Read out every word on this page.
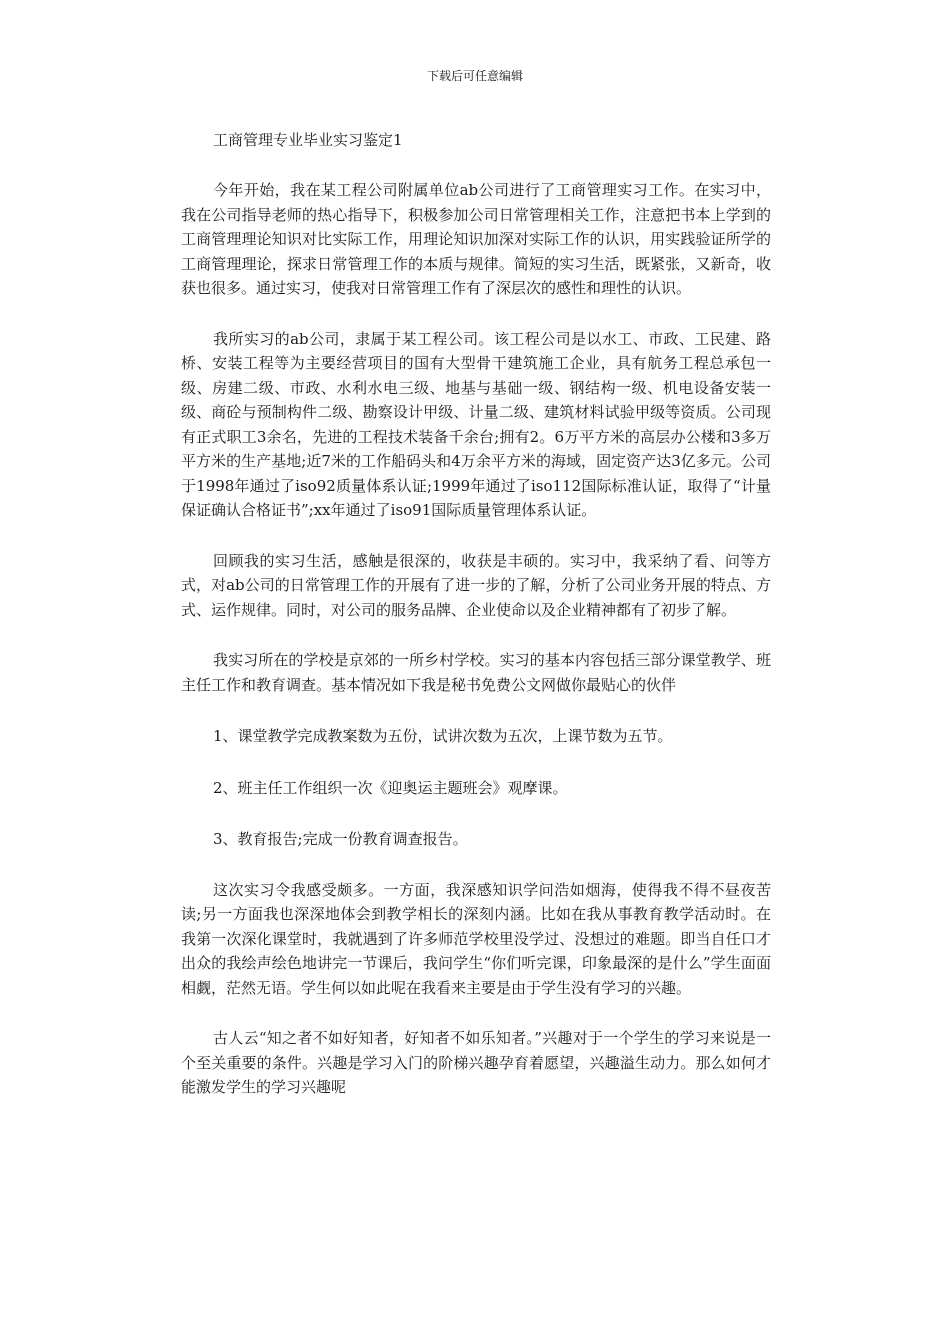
下载后可任意编辑
工商管理专业毕业实习鉴定1

今年开始，我在某工程公司附属单位ab公司进行了工商管理实习工作。在实习中，我在公司指导老师的热心指导下，积极参加公司日常管理相关工作，注意把书本上学到的工商管理理论知识对比实际工作，用理论知识加深对实际工作的认识，用实践验证所学的工商管理理论，探求日常管理工作的本质与规律。简短的实习生活，既紧张，又新奇，收获也很多。通过实习，使我对日常管理工作有了深层次的感性和理性的认识。

我所实习的ab公司，隶属于某工程公司。该工程公司是以水工、市政、工民建、路桥、安装工程等为主要经营项目的国有大型骨干建筑施工企业，具有航务工程总承包一级、房建二级、市政、水利水电三级、地基与基础一级、钢结构一级、机电设备安装一级、商砼与预制构件二级、勘察设计甲级、计量二级、建筑材料试验甲级等资质。公司现有正式职工3余名，先进的工程技术装备千余台;拥有2。6万平方米的高层办公楼和3多万平方米的生产基地;近7米的工作船码头和4万余平方米的海域，固定资产达3亿多元。公司于1998年通过了iso92质量体系认证;1999年通过了iso112国际标准认证，取得了“计量保证确认合格证书”;xx年通过了iso91国际质量管理体系认证。

回顾我的实习生活，感触是很深的，收获是丰硕的。实习中，我采纳了看、问等方式，对ab公司的日常管理工作的开展有了进一步的了解，分析了公司业务开展的特点、方式、运作规律。同时，对公司的服务品牌、企业使命以及企业精神都有了初步了解。

我实习所在的学校是京郊的一所乡村学校。实习的基本内容包括三部分课堂教学、班主任工作和教育调查。基本情况如下我是秘书免费公文网做你最贴心的伙伴

1、课堂教学完成教案数为五份，试讲次数为五次，上课节数为五节。

2、班主任工作组织一次《迎奥运主题班会》观摩课。

3、教育报告;完成一份教育调查报告。

这次实习令我感受颇多。一方面，我深感知识学问浩如烟海，使得我不得不昼夜苦读;另一方面我也深深地体会到教学相长的深刻内涵。比如在我从事教育教学活动时。在我第一次深化课堂时，我就遇到了许多师范学校里没学过、没想过的难题。即当自任口才出众的我绘声绘色地讲完一节课后，我问学生“你们听完课，印象最深的是什么”学生面面相觑，茫然无语。学生何以如此呢在我看来主要是由于学生没有学习的兴趣。

古人云“知之者不如好知者，好知者不如乐知者。”兴趣对于一个学生的学习来说是一个至关重要的条件。兴趣是学习入门的阶梯兴趣孕育着愿望，兴趣溢生动力。那么如何才能激发学生的学习兴趣呢
